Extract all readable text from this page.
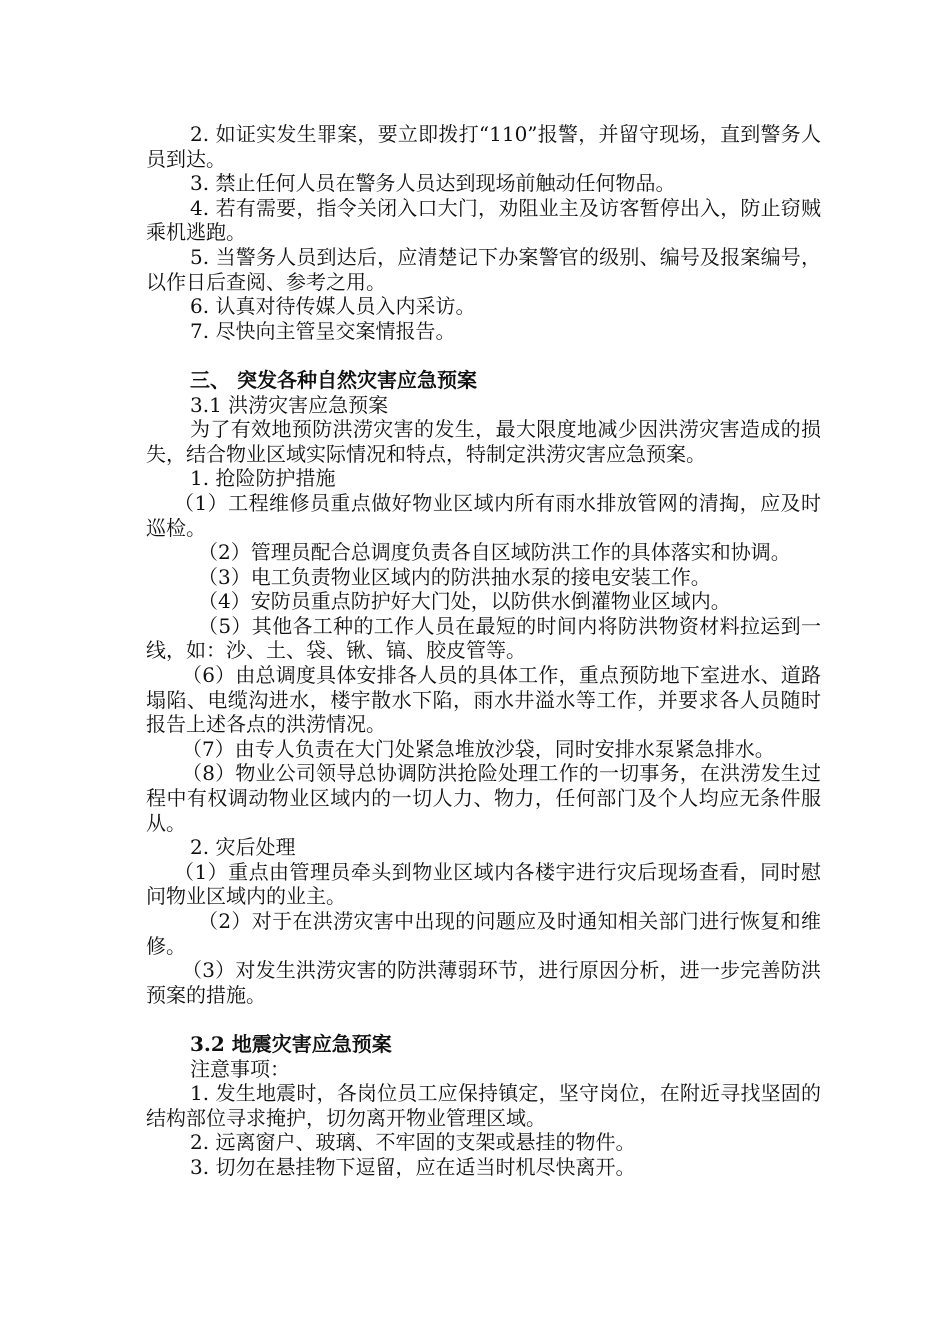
2. 如证实发生罪案，要立即拨打“110”报警，并留守现场，直到警务人员到达。

3. 禁止任何人员在警务人员达到现场前触动任何物品。

4. 若有需要，指令关闭入口大门，劝阻业主及访客暂停出入，防止窃贼乘机逃跑。

5. 当警务人员到达后，应清楚记下办案警官的级别、编号及报案编号，以作日后查阅、参考之用。

6. 认真对待传媒人员入内采访。

7. 尽快向主管呈交案情报告。

三、 突发各种自然灾害应急预案

3.1 洪涝灾害应急预案

为了有效地预防洪涝灾害的发生，最大限度地减少因洪涝灾害造成的损失，结合物业区域实际情况和特点，特制定洪涝灾害应急预案。

1. 抢险防护措施

（1）工程维修员重点做好物业区域内所有雨水排放管网的清掏，应及时巡检。

（2）管理员配合总调度负责各自区域防洪工作的具体落实和协调。

（3）电工负责物业区域内的防洪抽水泵的接电安装工作。

（4）安防员重点防护好大门处，以防供水倒灌物业区域内。

（5）其他各工种的工作人员在最短的时间内将防洪物资材料拉运到一线，如：沙、土、袋、锹、镐、胶皮管等。

（6）由总调度具体安排各人员的具体工作，重点预防地下室进水、道路塌陷、电缆沟进水，楼宇散水下陷，雨水井溢水等工作，并要求各人员随时报告上述各点的洪涝情况。

（7）由专人负责在大门处紧急堆放沙袋，同时安排水泵紧急排水。

（8）物业公司领导总协调防洪抢险处理工作的一切事务，在洪涝发生过程中有权调动物业区域内的一切人力、物力，任何部门及个人均应无条件服从。

2. 灾后处理

（1）重点由管理员牵头到物业区域内各楼宇进行灾后现场查看，同时慰问物业区域内的业主。

（2）对于在洪涝灾害中出现的问题应及时通知相关部门进行恢复和维修。

（3）对发生洪涝灾害的防洪薄弱环节，进行原因分析，进一步完善防洪预案的措施。

3.2 地震灾害应急预案

注意事项：

1. 发生地震时，各岗位员工应保持镇定，坚守岗位，在附近寻找坚固的结构部位寻求掩护，切勿离开物业管理区域。

2. 远离窗户、玻璃、不牢固的支架或悬挂的物件。

3. 切勿在悬挂物下逗留，应在适当时机尽快离开。
